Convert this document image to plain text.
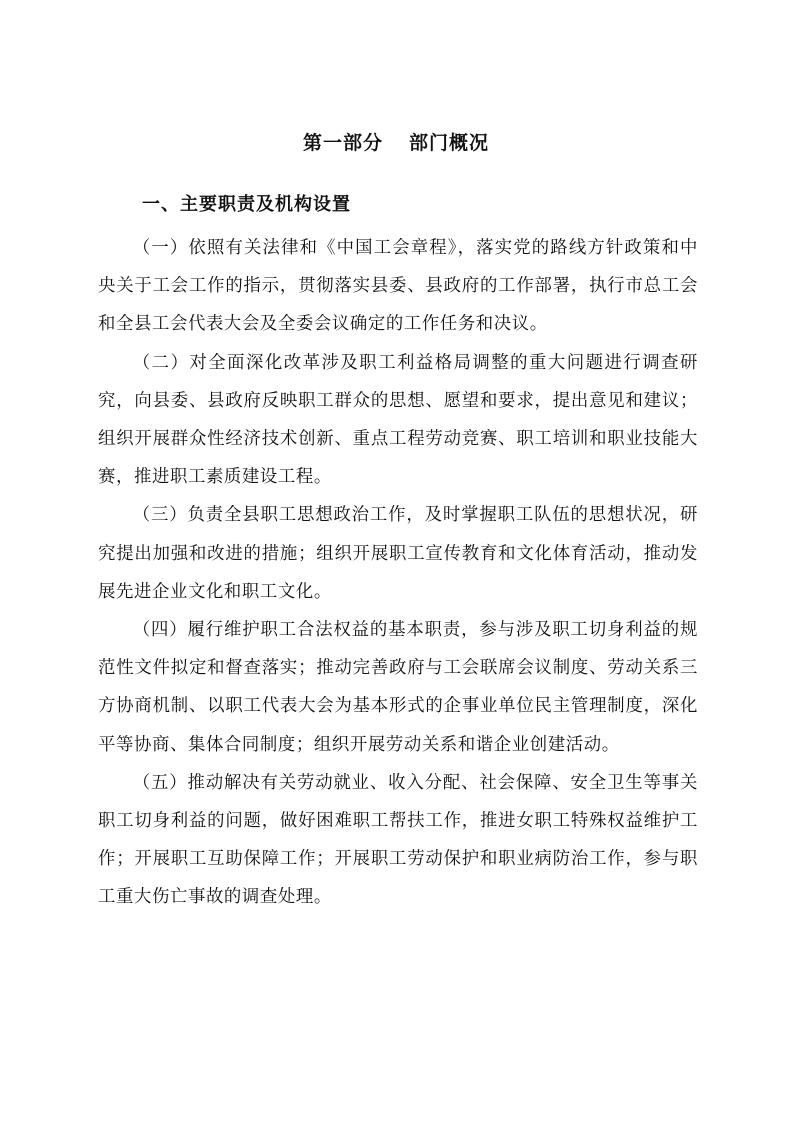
第一部分 部门概况
一、主要职责及机构设置

（一）依照有关法律和《中国工会章程》，落实党的路线方针政策和中央关于工会工作的指示，贯彻落实县委、县政府的工作部署，执行市总工会和全县工会代表大会及全委会议确定的工作任务和决议。

（二）对全面深化改革涉及职工利益格局调整的重大问题进行调查研究，向县委、县政府反映职工群众的思想、愿望和要求，提出意见和建议；组织开展群众性经济技术创新、重点工程劳动竞赛、职工培训和职业技能大赛，推进职工素质建设工程。

（三）负责全县职工思想政治工作，及时掌握职工队伍的思想状况，研究提出加强和改进的措施；组织开展职工宣传教育和文化体育活动，推动发展先进企业文化和职工文化。

（四）履行维护职工合法权益的基本职责，参与涉及职工切身利益的规范性文件拟定和督查落实；推动完善政府与工会联席会议制度、劳动关系三方协商机制、以职工代表大会为基本形式的企事业单位民主管理制度，深化平等协商、集体合同制度；组织开展劳动关系和谐企业创建活动。

（五）推动解决有关劳动就业、收入分配、社会保障、安全卫生等事关职工切身利益的问题，做好困难职工帮扶工作，推进女职工特殊权益维护工作；开展职工互助保障工作；开展职工劳动保护和职业病防治工作，参与职工重大伤亡事故的调查处理。
